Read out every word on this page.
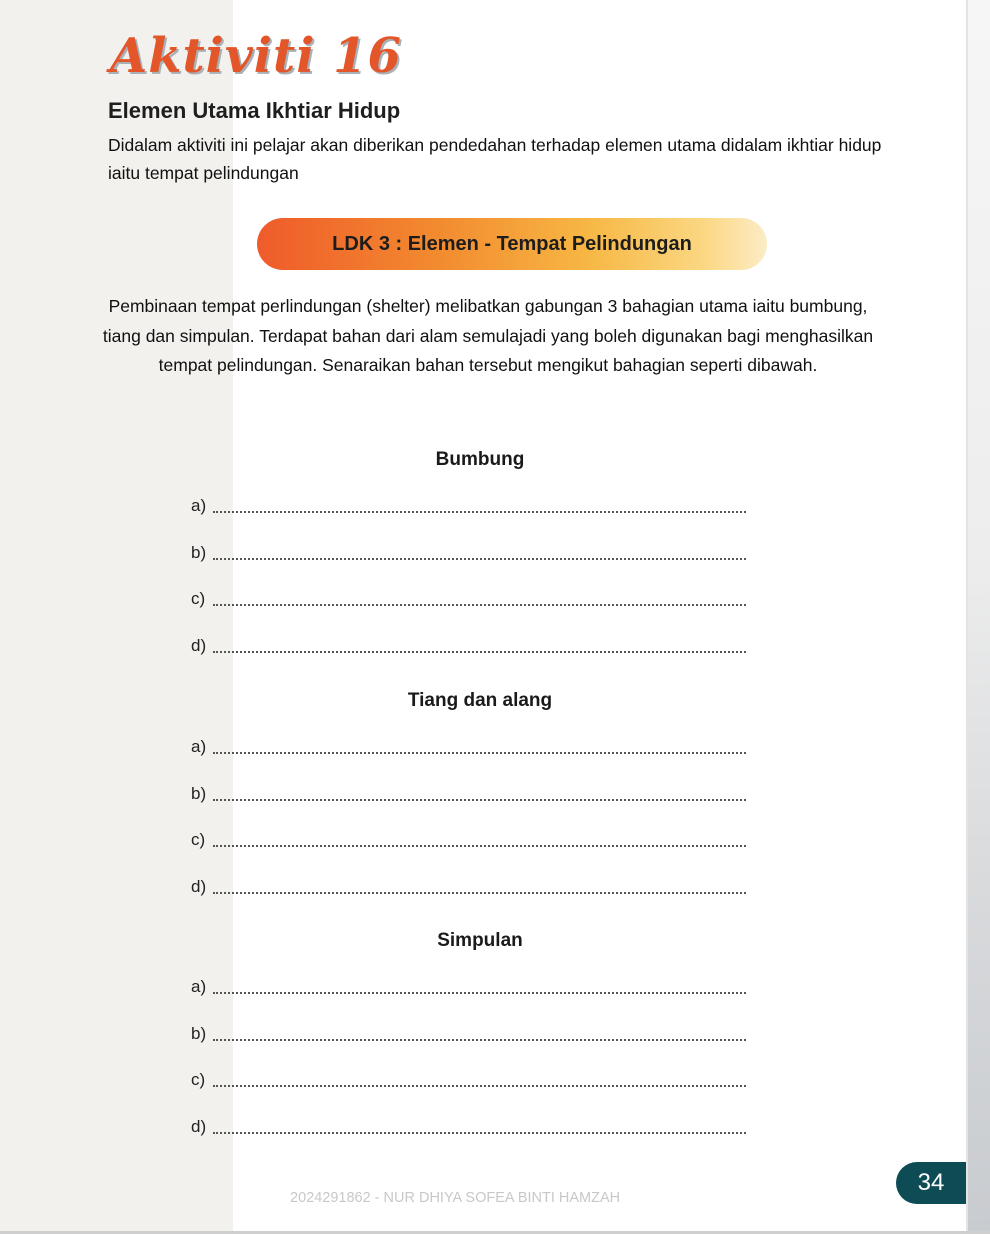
Aktiviti 16
Elemen Utama Ikhtiar Hidup
Didalam aktiviti ini pelajar akan diberikan pendedahan terhadap elemen utama didalam ikhtiar hidup iaitu tempat pelindungan
LDK 3 : Elemen - Tempat Pelindungan
Pembinaan tempat perlindungan (shelter) melibatkan gabungan 3 bahagian utama iaitu bumbung, tiang dan simpulan. Terdapat bahan dari alam semulajadi yang boleh digunakan bagi menghasilkan tempat pelindungan. Senaraikan bahan tersebut mengikut bahagian seperti dibawah.
Bumbung
a)
b)
c)
d)
Tiang dan alang
a)
b)
c)
d)
Simpulan
a)
b)
c)
d)
2024291862 - NUR DHIYA SOFEA BINTI HAMZAH
34
